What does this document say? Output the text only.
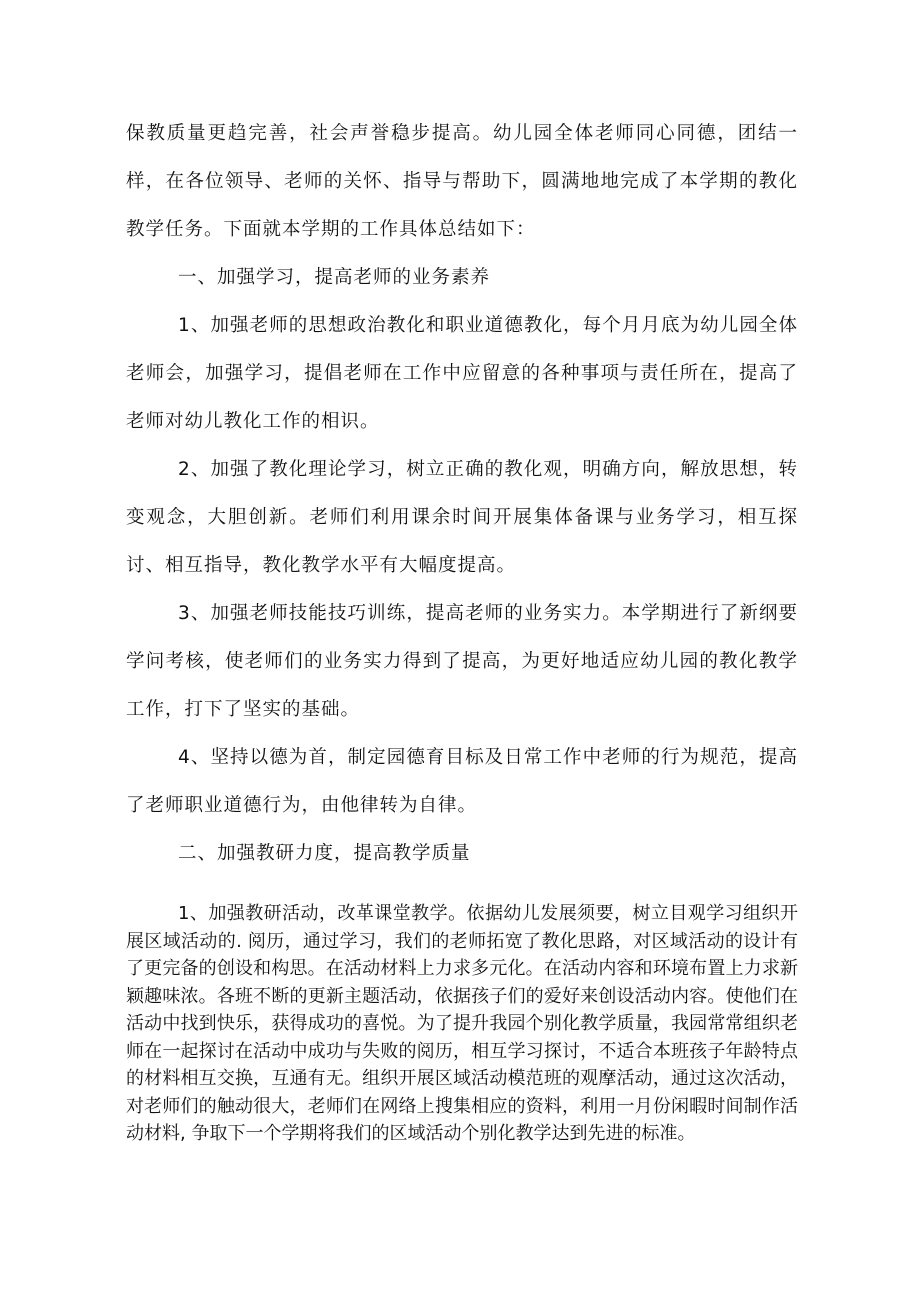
保教质量更趋完善，社会声誉稳步提高。幼儿园全体老师同心同德，团结一样，在各位领导、老师的关怀、指导与帮助下，圆满地地完成了本学期的教化教学任务。下面就本学期的工作具体总结如下：

一、加强学习，提高老师的业务素养

1、加强老师的思想政治教化和职业道德教化，每个月月底为幼儿园全体老师会，加强学习，提倡老师在工作中应留意的各种事项与责任所在，提高了老师对幼儿教化工作的相识。

2、加强了教化理论学习，树立正确的教化观，明确方向，解放思想，转变观念，大胆创新。老师们利用课余时间开展集体备课与业务学习，相互探讨、相互指导，教化教学水平有大幅度提高。

3、加强老师技能技巧训练，提高老师的业务实力。本学期进行了新纲要学问考核，使老师们的业务实力得到了提高，为更好地适应幼儿园的教化教学工作，打下了坚实的基础。

4、坚持以德为首，制定园德育目标及日常工作中老师的行为规范，提高了老师职业道德行为，由他律转为自律。

二、加强教研力度，提高教学质量

1、加强教研活动，改革课堂教学。依据幼儿发展须要，树立目观学习组织开展区域活动的. 阅历，通过学习，我们的老师拓宽了教化思路，对区域活动的设计有了更完备的创设和构思。在活动材料上力求多元化。在活动内容和环境布置上力求新颖趣味浓。各班不断的更新主题活动，依据孩子们的爱好来创设活动内容。使他们在活动中找到快乐，获得成功的喜悦。为了提升我园个别化教学质量，我园常常组织老师在一起探讨在活动中成功与失败的阅历，相互学习探讨，不适合本班孩子年龄特点的材料相互交换，互通有无。组织开展区域活动模范班的观摩活动，通过这次活动，对老师们的触动很大，老师们在网络上搜集相应的资料，利用一月份闲暇时间制作活动材料, 争取下一个学期将我们的区域活动个别化教学达到先进的标准。
